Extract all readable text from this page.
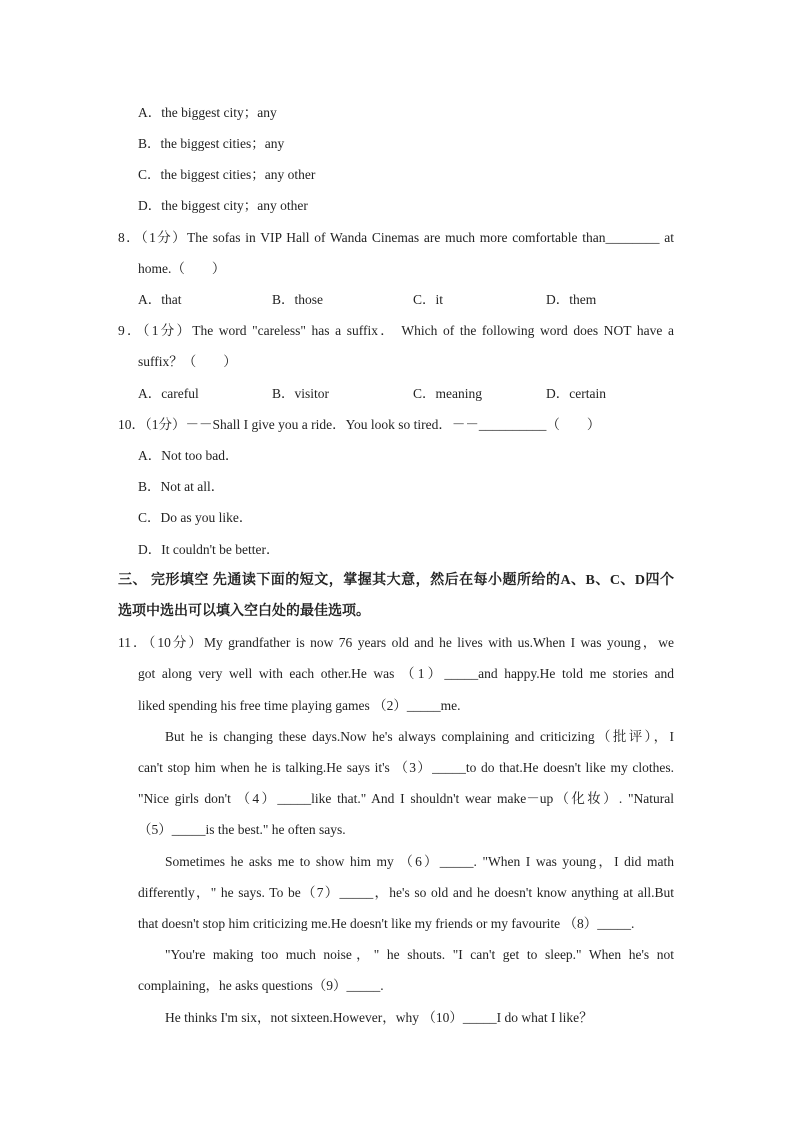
A．the biggest city；any
B．the biggest cities；any
C．the biggest cities；any other
D．the biggest city；any other
8．（1分）The sofas in VIP Hall of Wanda Cinemas are much more comfortable than________ at
home.（　　）
A．that	B．those	C．it	D．them
9．（1分）The word "careless" has a suffix． Which of the following word does NOT have a
suffix？（　　）
A．careful	B．visitor	C．meaning	D．certain
10．（1分）－－Shall I give you a ride．You look so tired．－－__________（　　）
A．Not too bad．
B．Not at all．
C．Do as you like．
D．It couldn't be better．
三、 完形填空 先通读下面的短文，掌握其大意，然后在每小题所给的A、B、C、D四个
选项中选出可以填入空白处的最佳选项。
11．（10分）My grandfather is now 76 years old and he lives with us.When I was young，we
got along very well with each other.He was （1）_____and happy.He told me stories and
liked spending his free time playing games （2）_____me.
But he is changing these days.Now he's always complaining and criticizing（批评），I
can't stop him when he is talking.He says it's （3）_____to do that.He doesn't like my clothes.
"Nice girls don't （4）_____like that." And I shouldn't wear make－up（化妆）. "Natural
（5）_____is the best." he often says.
Sometimes he asks me to show him my （6）_____. "When I was young，I did math
differently，" he says. To be（7）_____，he's so old and he doesn't know anything at all.But
that doesn't stop him criticizing me.He doesn't like my friends or my favourite （8）_____.
"You're making too much noise，" he shouts. "I can't get to sleep." When he's not
complaining，he asks questions（9）_____.
He thinks I'm six，not sixteen.However，why （10）_____I do what I like？
